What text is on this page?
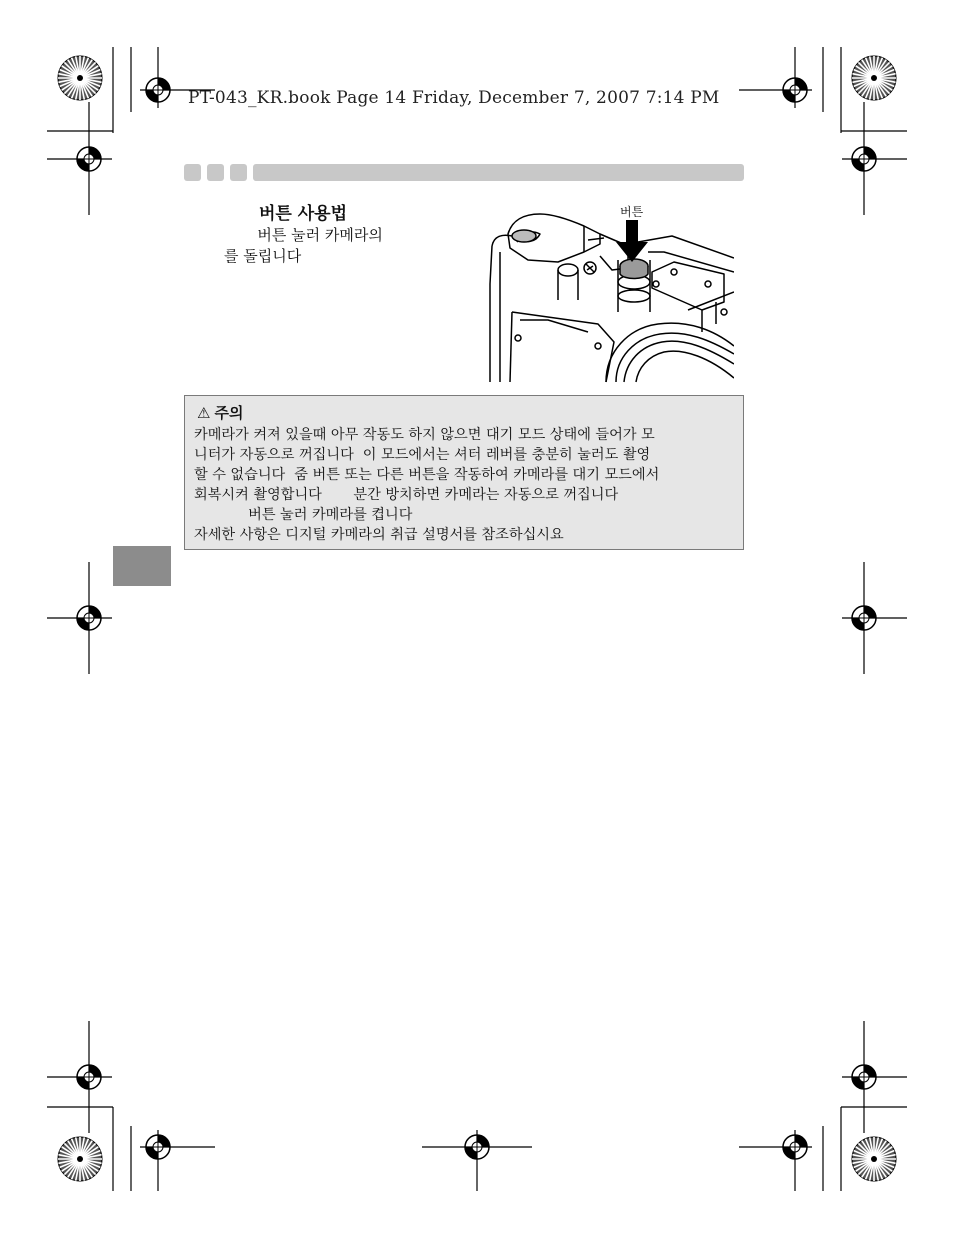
PT-043_KR.book Page 14 Friday, December 7, 2007 7:14 PM
버튼 사용법
버튼 눌러 카메라의
를 돌립니다
버튼
⚠ 주의
카메라가 켜져 있을때 아무 작동도 하지 않으면 대기 모드 상태에 들어가 모
니터가 자동으로 꺼집니다  이 모드에서는 셔터 레버를 충분히 눌러도 촬영
할 수 없습니다  줌 버튼 또는 다른 버튼을 작동하여 카메라를 대기 모드에서
회복시켜 촬영합니다       분간 방치하면 카메라는 자동으로 꺼집니다
버튼 눌러 카메라를 켭니다
자세한 사항은 디지털 카메라의 취급 설명서를 참조하십시요
